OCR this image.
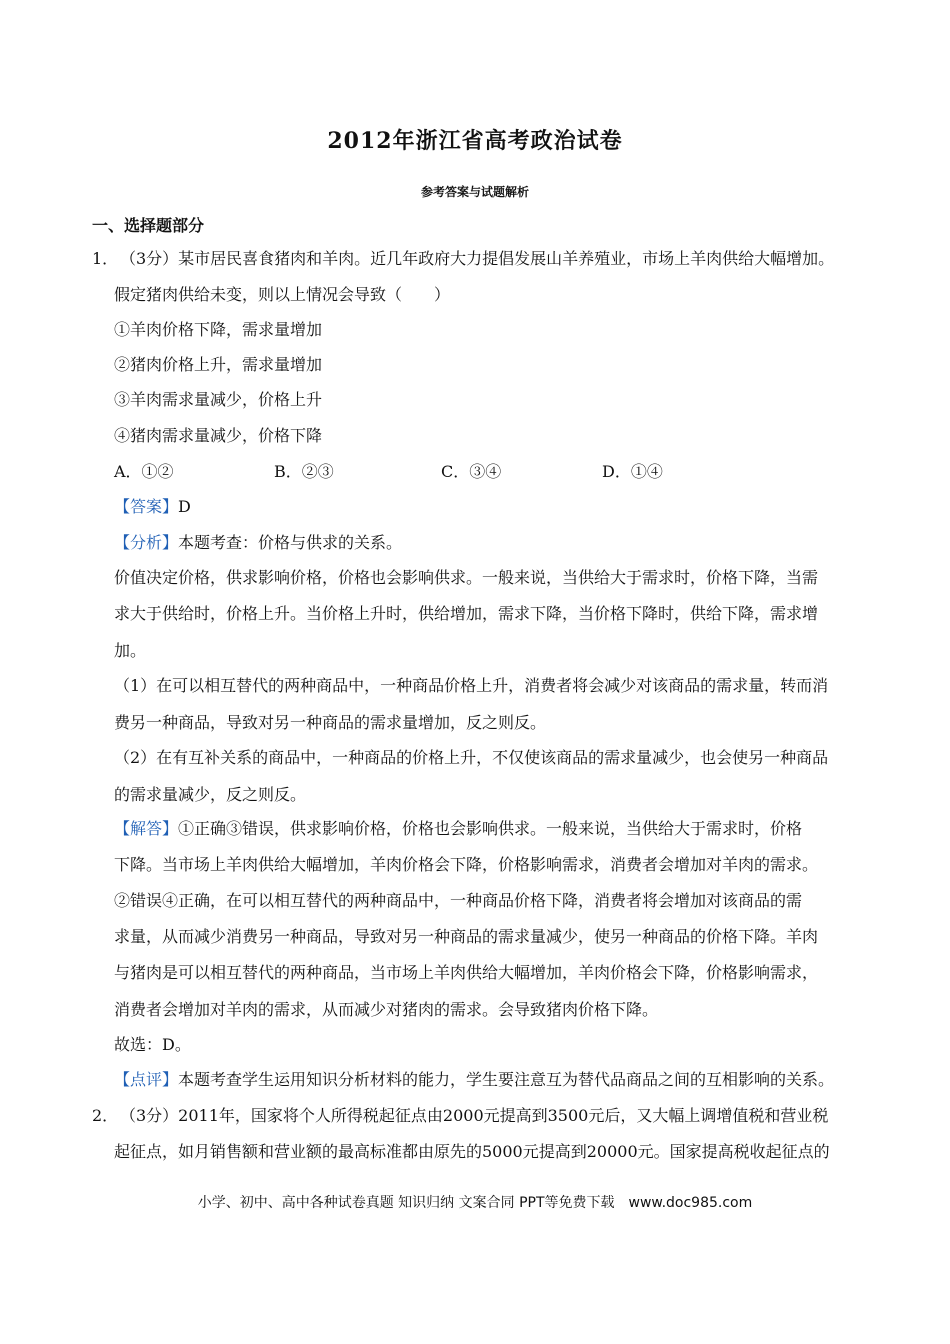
2012年浙江省高考政治试卷
参考答案与试题解析
一、选择题部分
1． （3分）某市居民喜食猪肉和羊肉。近几年政府大力提倡发展山羊养殖业，市场上羊肉供给大幅增加。
假定猪肉供给未变，则以上情况会导致（　　）
①羊肉价格下降，需求量增加
②猪肉价格上升，需求量增加
③羊肉需求量减少，价格上升
④猪肉需求量减少，价格下降
A．①②	B．②③	C．③④	D．①④
【答案】D
【分析】本题考查：价格与供求的关系。
价值决定价格，供求影响价格，价格也会影响供求。一般来说，当供给大于需求时，价格下降，当需
求大于供给时，价格上升。当价格上升时，供给增加，需求下降，当价格下降时，供给下降，需求增
加。
（1）在可以相互替代的两种商品中，一种商品价格上升，消费者将会减少对该商品的需求量，转而消
费另一种商品，导致对另一种商品的需求量增加，反之则反。
（2）在有互补关系的商品中，一种商品的价格上升，不仅使该商品的需求量减少，也会使另一种商品
的需求量减少，反之则反。
【解答】①正确③错误，供求影响价格，价格也会影响供求。一般来说，当供给大于需求时，价格
下降。当市场上羊肉供给大幅增加，羊肉价格会下降，价格影响需求，消费者会增加对羊肉的需求。
②错误④正确，在可以相互替代的两种商品中，一种商品价格下降，消费者将会增加对该商品的需
求量，从而减少消费另一种商品，导致对另一种商品的需求量减少，使另一种商品的价格下降。羊肉
与猪肉是可以相互替代的两种商品，当市场上羊肉供给大幅增加，羊肉价格会下降，价格影响需求，
消费者会增加对羊肉的需求，从而减少对猪肉的需求。会导致猪肉价格下降。
故选：D。
【点评】本题考查学生运用知识分析材料的能力，学生要注意互为替代品商品之间的互相影响的关系。
2． （3分）2011年，国家将个人所得税起征点由2000元提高到3500元后，又大幅上调增值税和营业税
起征点，如月销售额和营业额的最高标准都由原先的5000元提高到20000元。国家提高税收起征点的
小学、初中、高中各种试卷真题 知识归纳 文案合同 PPT等免费下载　www.doc985.com
